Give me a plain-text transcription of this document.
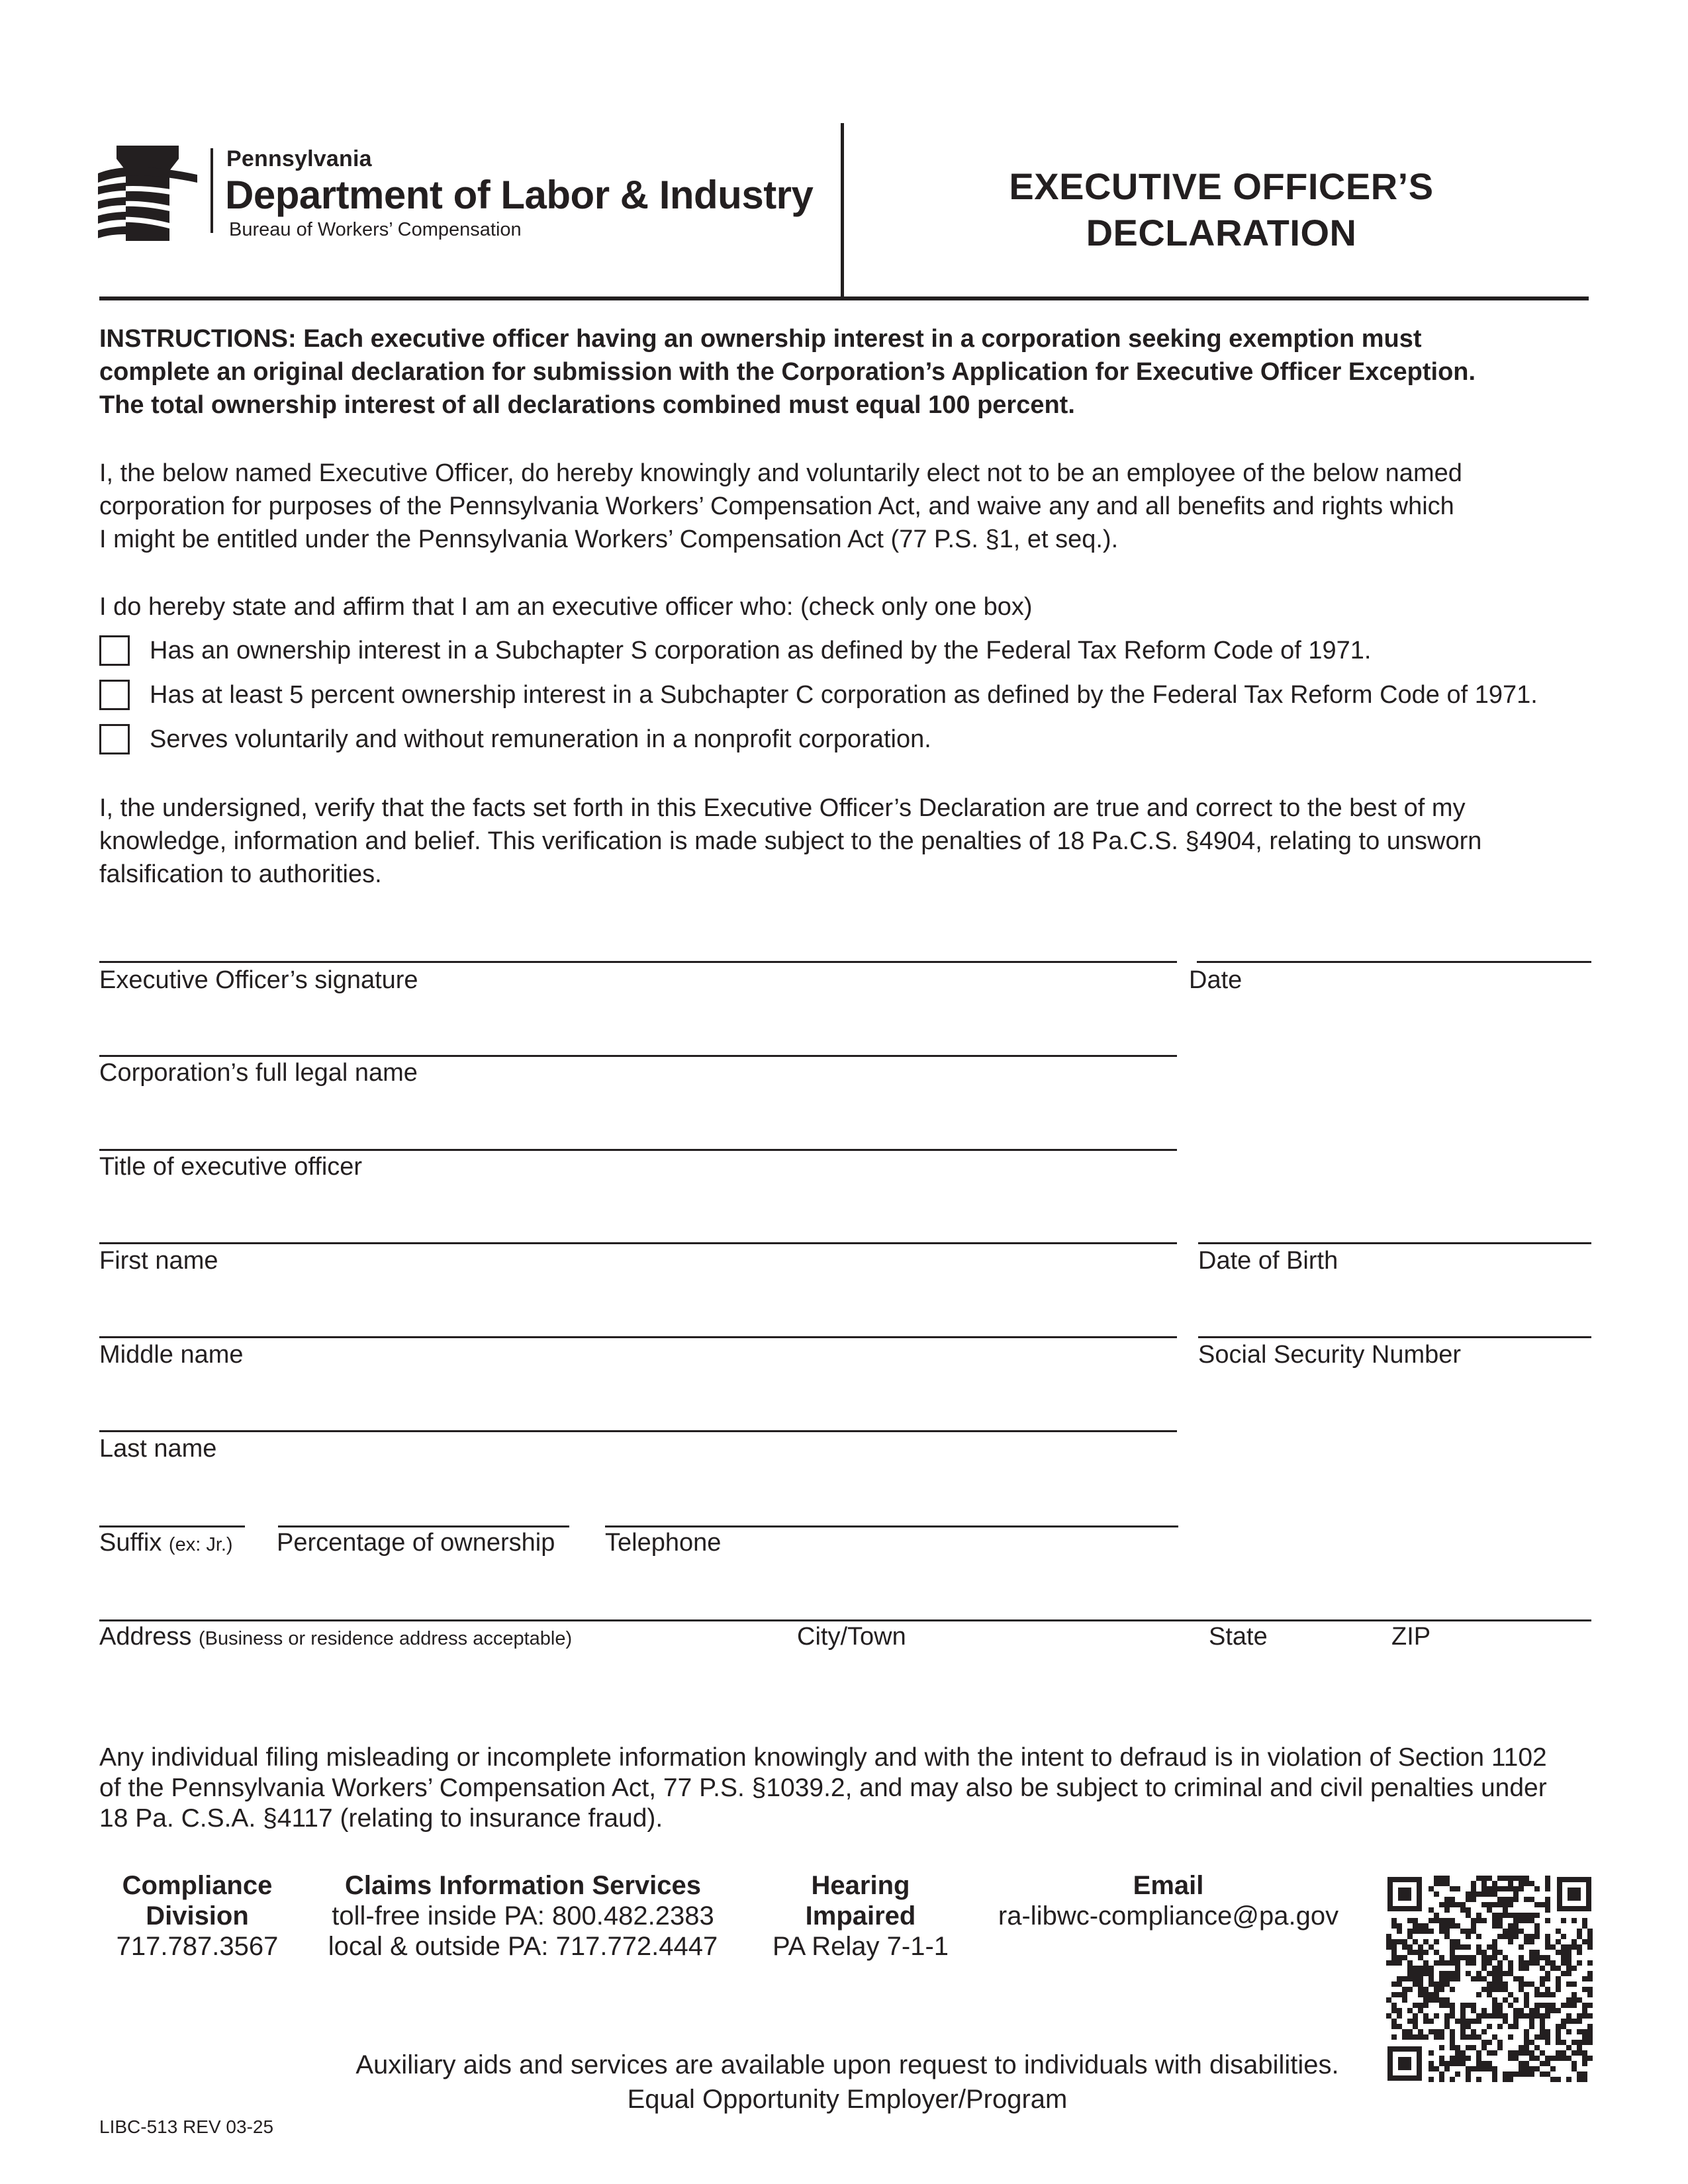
Pennsylvania
Department of Labor & Industry
Bureau of Workers’ Compensation
EXECUTIVE OFFICER’S
DECLARATION
INSTRUCTIONS: Each executive officer having an ownership interest in a corporation seeking exemption must
complete an original declaration for submission with the Corporation’s Application for Executive Officer Exception.
The total ownership interest of all declarations combined must equal 100 percent.
I, the below named Executive Officer, do hereby knowingly and voluntarily elect not to be an employee of the below named
corporation for purposes of the Pennsylvania Workers’ Compensation Act, and waive any and all benefits and rights which
I might be entitled under the Pennsylvania Workers’ Compensation Act (77 P.S. §1, et seq.).
I do hereby state and affirm that I am an executive officer who: (check only one box)
Has an ownership interest in a Subchapter S corporation as defined by the Federal Tax Reform Code of 1971.
Has at least 5 percent ownership interest in a Subchapter C corporation as defined by the Federal Tax Reform Code of 1971.
Serves voluntarily and without remuneration in a nonprofit corporation.
I, the undersigned, verify that the facts set forth in this Executive Officer’s Declaration are true and correct to the best of my
knowledge, information and belief. This verification is made subject to the penalties of 18 Pa.C.S. §4904, relating to unsworn
falsification to authorities.
Executive Officer’s signature	Date
Corporation’s full legal name
Title of executive officer
First name	Date of Birth
Middle name	Social Security Number
Last name
Suffix (ex: Jr.) Percentage of ownership Telephone
Address (Business or residence address acceptable)	City/Town	State	ZIP
Any individual filing misleading or incomplete information knowingly and with the intent to defraud is in violation of Section 1102
of the Pennsylvania Workers’ Compensation Act, 77 P.S. §1039.2, and may also be subject to criminal and civil penalties under
18 Pa. C.S.A. §4117 (relating to insurance fraud).
Compliance
Division
717.787.3567
Claims Information Services
toll-free inside PA: 800.482.2383
local & outside PA: 717.772.4447
Hearing
Impaired
PA Relay 7-1-1
Email
ra-libwc-compliance@pa.gov
Auxiliary aids and services are available upon request to individuals with disabilities.
Equal Opportunity Employer/Program
LIBC-513 REV 03-25
